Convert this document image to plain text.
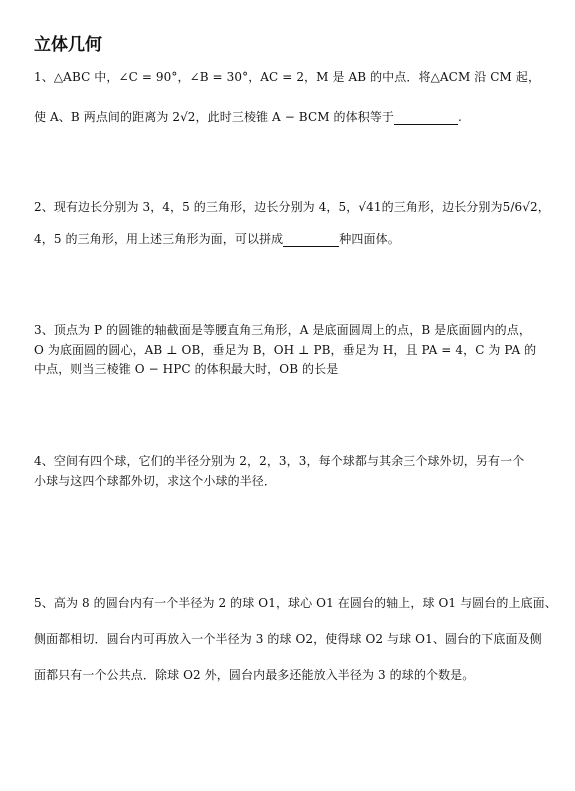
立体几何
1、△ABC 中，∠C = 90°，∠B = 30°，AC = 2，M 是 AB 的中点．将△ACM 沿 CM 起，
使 A、B 两点间的距离为 2√2，此时三棱锥 A − BCM 的体积等于	.
2、现有边长分别为 3，4，5 的三角形，边长分别为 4，5，√41的三角形，边长分别为5/6√2，
4，5 的三角形，用上述三角形为面，可以拼成	种四面体。
3、顶点为 P 的圆锥的轴截面是等腰直角三角形，A 是底面圆周上的点，B 是底面圆内的点，
O 为底面圆的圆心，AB ⊥ OB，垂足为 B，OH ⊥ PB，垂足为 H，且 PA = 4，C 为 PA 的
中点，则当三棱锥 O − HPC 的体积最大时，OB 的长是
4、空间有四个球，它们的半径分别为 2，2，3，3，每个球都与其余三个球外切，另有一个
小球与这四个球都外切，求这个小球的半径．
5、高为 8 的圆台内有一个半径为 2 的球 O1，球心 O1 在圆台的轴上，球 O1 与圆台的上底面、
侧面都相切．圆台内可再放入一个半径为 3 的球 O2，使得球 O2 与球 O1、圆台的下底面及侧
面都只有一个公共点．除球 O2 外，圆台内最多还能放入半径为 3 的球的个数是。
